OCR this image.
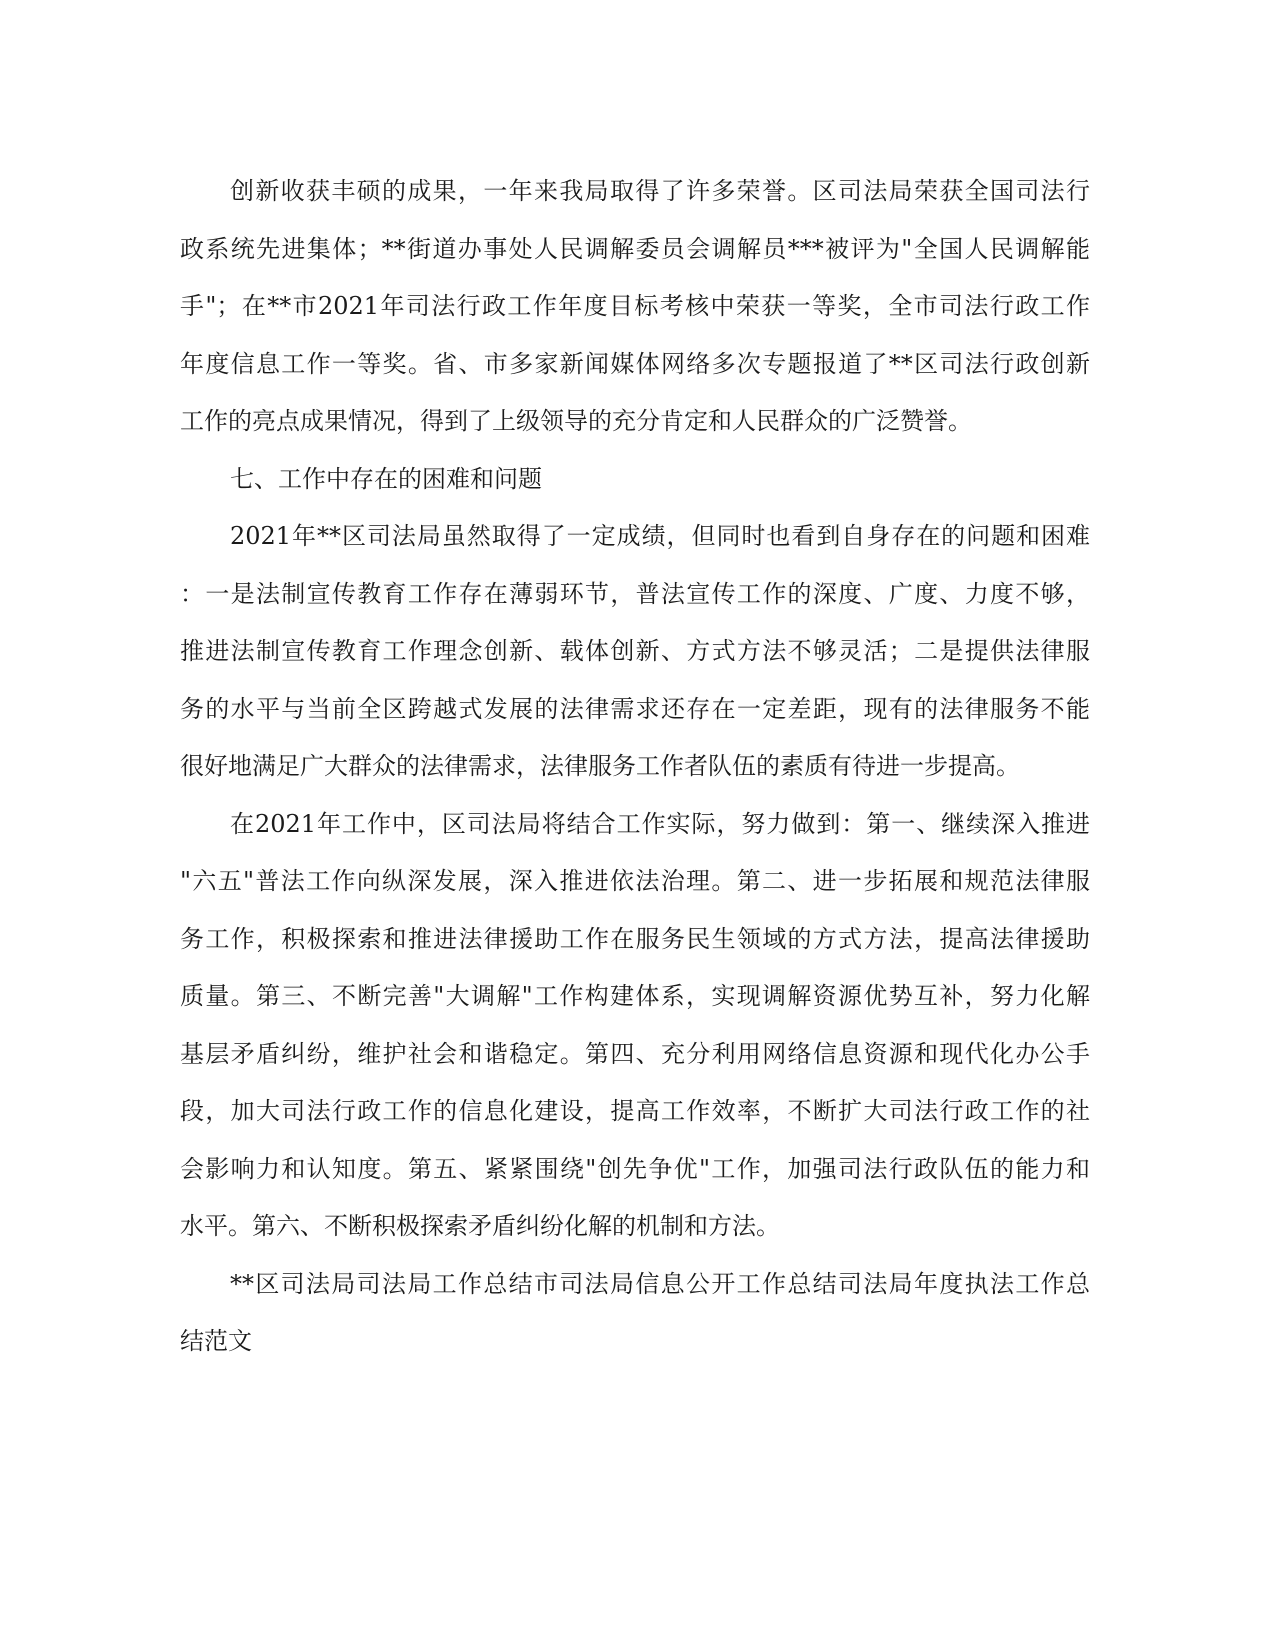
创新收获丰硕的成果，一年来我局取得了许多荣誉。区司法局荣获全国司法行
政系统先进集体；**街道办事处人民调解委员会调解员***被评为"全国人民调解能
手"；在**市2021年司法行政工作年度目标考核中荣获一等奖，全市司法行政工作
年度信息工作一等奖。省、市多家新闻媒体网络多次专题报道了**区司法行政创新
工作的亮点成果情况，得到了上级领导的充分肯定和人民群众的广泛赞誉。

七、工作中存在的困难和问题

2021年**区司法局虽然取得了一定成绩，但同时也看到自身存在的问题和困难
：一是法制宣传教育工作存在薄弱环节，普法宣传工作的深度、广度、力度不够，
推进法制宣传教育工作理念创新、载体创新、方式方法不够灵活；二是提供法律服
务的水平与当前全区跨越式发展的法律需求还存在一定差距，现有的法律服务不能
很好地满足广大群众的法律需求，法律服务工作者队伍的素质有待进一步提高。

在2021年工作中，区司法局将结合工作实际，努力做到：第一、继续深入推进
"六五"普法工作向纵深发展，深入推进依法治理。第二、进一步拓展和规范法律服
务工作，积极探索和推进法律援助工作在服务民生领域的方式方法，提高法律援助
质量。第三、不断完善"大调解"工作构建体系，实现调解资源优势互补，努力化解
基层矛盾纠纷，维护社会和谐稳定。第四、充分利用网络信息资源和现代化办公手
段，加大司法行政工作的信息化建设，提高工作效率，不断扩大司法行政工作的社
会影响力和认知度。第五、紧紧围绕"创先争优"工作，加强司法行政队伍的能力和
水平。第六、不断积极探索矛盾纠纷化解的机制和方法。

**区司法局司法局工作总结市司法局信息公开工作总结司法局年度执法工作总
结范文
